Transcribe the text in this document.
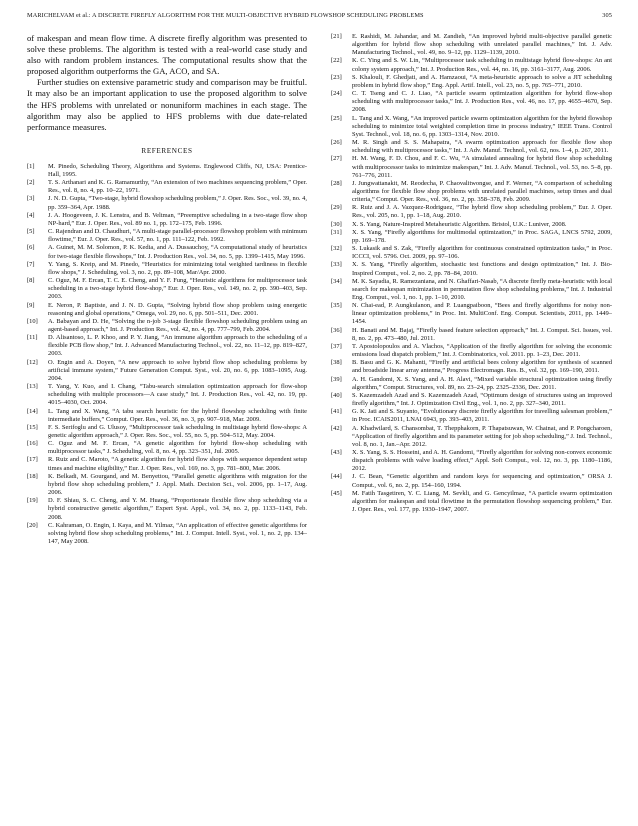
MARICHELVAM et al.: A DISCRETE FIREFLY ALGORITHM FOR THE MULTI-OBJECTIVE HYBRID FLOWSHOP SCHEDULING PROBLEMS	305

of makespan and mean flow time. A discrete firefly algorithm was presented to solve these problems. The algorithm is tested with a real-world case study and also with random problem instances. The computational results show that the proposed algorithm outperforms the GA, ACO, and SA.

Further studies on extensive parametric study and comparison may be fruitful. It may also be an important application to use the proposed algorithm to solve the HFS problems with unrelated or nonuniform machines in each stage. The algorithm may also be applied to HFS problems with due date-related performance measures.

REFERENCES
[1] M. Pinedo, Scheduling Theory, Algorithms and Systems. Englewood Cliffs, NJ, USA: Prentice-Hall, 1995.
[2] T. S. Arthanari and K. G. Ramamurthy, “An extension of two machines sequencing problem,” Oper. Res., vol. 8, no. 4, pp. 10–22, 1971.
[3] J. N. D. Gupta, “Two-stage, hybrid flowshop scheduling problem,” J. Oper. Res. Soc., vol. 39, no. 4, pp. 359–364, Apr. 1988.
[4] J. A. Hoogeveen, J. K. Lenstra, and B. Veltman, “Preemptive scheduling in a two-stage flow shop NP-hard,” Eur. J. Oper. Res., vol. 89 no. 1, pp. 172–175, Feb. 1996.
[5] C. Rajendran and D. Chaudhuri, “A multi-stage parallel-processor flowshop problem with minimum flowtime,” Eur. J. Oper. Res., vol. 57, no. 1, pp. 111–122, Feb. 1992.
[6] A. Guinet, M. M. Solomon, P. K. Kedia, and A. Dussauchoy, “A computational study of heuristics for two-stage flexible flowshops,” Int. J. Production Res., vol. 34, no. 5, pp. 1399–1415, May 1996.
[7] Y. Yang, S. Kreip, and M. Pinedo, “Heuristics for minimizing total weighted tardiness in flexible flow shops,” J. Scheduling, vol. 3, no. 2, pp. 89–108, Mar/Apr. 2000.
[8] C. Oguz, M. F. Ercan, T. C. E. Cheng, and Y. F. Fung, “Heuristic algorithms for multiprocessor task scheduling in a two-stage hybrid flow-shop,” Eur. J. Oper. Res., vol. 149, no. 2, pp. 390–403, Sep. 2003.
[9] E. Neron, P. Baptiste, and J. N. D. Gupta, “Solving hybrid flow shop problem using energetic reasoning and global operations,” Omega, vol. 29, no. 6, pp. 501–511, Dec. 2001.
[10] A. Babayan and D. He, “Solving the n-job 3-stage flexible flowshop scheduling problem using an agent-based approach,” Int. J. Production Res., vol. 42, no. 4, pp. 777–799, Feb. 2004.
[11] D. Alisantoso, L. P. Khoo, and P. Y. Jiang, “An immune algorithm approach to the scheduling of a flexible PCB flow shop,” Int. J. Advanced Manufacturing Technol., vol. 22, no. 11–12, pp. 819–827, 2003.
[12] O. Engin and A. Doyen, “A new approach to solve hybrid flow shop scheduling problems by artificial immune system,” Future Generation Comput. Syst., vol. 20, no. 6, pp. 1083–1095, Aug. 2004.
[13] T. Yang, Y. Kuo, and I. Chang, “Tabu-search simulation optimization approach for flow-shop scheduling with multiple processors—A case study,” Int. J. Production Res., vol. 42, no. 19, pp. 4015–4030, Oct. 2004.
[14] L. Tang and X. Wang, “A tabu search heuristic for the hybrid flowshop scheduling with finite intermediate buffers,” Comput. Oper. Res., vol. 36, no. 3, pp. 907–918, Mar. 2009.
[15] F. S. Serifoglu and G. Ulusoy, “Multiprocessor task scheduling in multistage hybrid flow-shops: A genetic algorithm approach,” J. Oper. Res. Soc., vol. 55, no. 5, pp. 504–512, May. 2004.
[16] C. Oguz and M. F. Ercan, “A genetic algorithm for hybrid flow-shop scheduling with multiprocessor tasks,” J. Scheduling, vol. 8, no. 4, pp. 323–351, Jul. 2005.
[17] R. Ruiz and C. Maroto, “A genetic algorithm for hybrid flow shops with sequence dependent setup times and machine eligibility,” Eur. J. Oper. Res., vol. 169, no. 3, pp. 781–800, Mar. 2006.
[18] K. Belkadi, M. Gourgand, and M. Benyettou, “Parallel genetic algorithms with migration for the hybrid flow shop scheduling problem,” J. Appl. Math. Decision Sci., vol. 2006, pp. 1–17, Aug. 2006.
[19] D. F. Shiau, S. C. Cheng, and Y. M. Huang, “Proportionate flexible flow shop scheduling via a hybrid constructive genetic algorithm,” Expert Syst. Appl., vol. 34, no. 2, pp. 1133–1143, Feb. 2008.
[20] C. Kahraman, O. Engin, I. Kaya, and M. Yilmaz, “An application of effective genetic algorithms for solving hybrid flow shop scheduling problems,” Int. J. Comput. Intell. Syst., vol. 1, no. 2, pp. 134–147, May 2008.
[21] E. Rashidi, M. Jahandar, and M. Zandieh, “An improved hybrid multi-objective parallel genetic algorithm for hybrid flow shop scheduling with unrelated parallel machines,” Int. J. Adv. Manufacturing Technol., vol. 49, no. 9–12, pp. 1129–1139, 2010.
[22] K. C. Ying and S. W. Lin, “Multiprocessor task scheduling in multistage hybrid flow-shops: An ant colony system approach,” Int. J. Production Res., vol. 44, no. 16, pp. 3161–3177, Aug. 2006.
[23] S. Khalouli, F. Ghedjati, and A. Hamzaoui, “A meta-heuristic approach to solve a JIT scheduling problem in hybrid flow shop,” Eng. Appl. Artif. Intell., vol. 23, no. 5, pp. 765–771, 2010.
[24] C. T. Tseng and C. J. Liao, “A particle swarm optimization algorithm for hybrid flow-shop scheduling with multiprocessor tasks,” Int. J. Production Res., vol. 46, no. 17, pp. 4655–4670, Sep. 2008.
[25] L. Tang and X. Wang, “An improved particle swarm optimization algorithm for the hybrid flowshop scheduling to minimize total weighted completion time in process industry,” IEEE Trans. Control Syst. Technol., vol. 18, no. 6, pp. 1303–1314, Nov. 2010.
[26] M. R. Singh and S. S. Mahapatra, “A swarm optimization approach for flexible flow shop scheduling with multiprocessor tasks,” Int. J. Adv. Manuf. Technol., vol. 62, nos. 1–4, p. 267, 2011.
[27] H. M. Wang, F. D. Chou, and F. C. Wu, “A simulated annealing for hybrid flow shop scheduling with multiprocessor tasks to minimize makespan,” Int. J. Adv. Manuf. Technol., vol. 53, no. 5–8, pp. 761–776, 2011.
[28] J. Jungwattanakit, M. Reodecha, P. Chaovalitwongse, and F. Werner, “A comparison of scheduling algorithms for flexible flow shop problems with unrelated parallel machines, setup times and dual criteria,” Comput. Oper. Res., vol. 36, no. 2, pp. 358–378, Feb. 2009.
[29] R. Ruiz and J. A. Vazquez-Rodriguez, “The hybrid flow shop scheduling problem,” Eur. J. Oper. Res., vol. 205, no. 1, pp. 1–18, Aug. 2010.
[30] X. S. Yang, Nature-Inspired Metaheuristic Algorithm. Bristol, U.K.: Luniver, 2008.
[31] X. S. Yang, “Firefly algorithms for multimodal optimization,” in Proc. SAGA, LNCS 5792, 2009, pp. 169–178.
[32] S. Lukasik and S. Zak, “Firefly algorithm for continuous constrained optimization tasks,” in Proc. ICCCI, vol. 5796. Oct. 2009, pp. 97–106.
[33] X. S. Yang, “Firefly algorithm, stochastic test functions and design optimization,” Int. J. Bio-Inspired Comput., vol. 2, no. 2, pp. 78–84, 2010.
[34] M. K. Sayadia, R. Ramezaniana, and N. Ghaffari-Nasab, “A discrete firefly meta-heuristic with local search for makespan minimization in permutation flow shop scheduling problems,” Int. J. Industrial Eng. Comput., vol. 1, no. 1, pp. 1–10, 2010.
[35] N. Chai-ead, P. Aungkulanon, and P. Luangpaiboon, “Bees and firefly algorithms for noisy non-linear optimization problems,” in Proc. Int. MultiConf. Eng. Comput. Scientists, 2011, pp. 1449–1454.
[36] H. Banati and M. Bajaj, “Firefly based feature selection approach,” Int. J. Comput. Sci. Issues, vol. 8, no. 2, pp. 473–480, Jul. 2011.
[37] T. Apostolopoulos and A. Vlachos, “Application of the firefly algorithm for solving the economic emissions load dispatch problem,” Int. J. Combinatorics, vol. 2011. pp. 1–23, Dec. 2011.
[38] B. Basu and G. K. Mahanti, “Firefly and artificial bees colony algorithm for synthesis of scanned and broadside linear array antenna,” Progress Electromagn. Res. B., vol. 32, pp. 169–190, 2011.
[39] A. H. Gandomi, X. S. Yang, and A. H. Alavi, “Mixed variable structural optimization using firefly algorithm,” Comput. Structures, vol. 89, no. 23–24, pp. 2325–2336, Dec. 2011.
[40] S. Kazemzadeh Azad and S. Kazemzadeh Azad, “Optimum design of structures using an improved firefly algorithm,” Int. J. Optimization Civil Eng., vol. 1, no. 2, pp. 327–340, 2011.
[41] G. K. Jati and S. Suyanto, “Evolutionary discrete firefly algorithm for travelling salesman problem,” in Proc. ICAIS2011, LNAI 6943, pp. 393–403, 2011.
[42] A. Khadwilard, S. Chansombat, T. Thepphakorn, P. Thapatsuwan, W. Chainat, and P. Pongcharoen, “Application of firefly algorithm and its parameter setting for job shop scheduling,” J. Ind. Technol., vol. 8, no. 1, Jan.–Apr. 2012.
[43] X. S. Yang, S. S. Hosseini, and A. H. Gandomi, “Firefly algorithm for solving non-convex economic dispatch problems with valve loading effect,” Appl. Soft Comput., vol. 12, no. 3, pp. 1180–1186, 2012.
[44] J. C. Bean, “Genetic algorithm and random keys for sequencing and optimization,” ORSA J. Comput., vol. 6, no. 2, pp. 154–160, 1994.
[45] M. Fatih Tasgetiren, Y. C. Liang, M. Sevkli, and G. Gencyilmaz, “A particle swarm optimization algorithm for makespan and total flowtime in the permutation flowshop sequencing problem,” Eur. J. Oper. Res., vol. 177, pp. 1930–1947, 2007.
